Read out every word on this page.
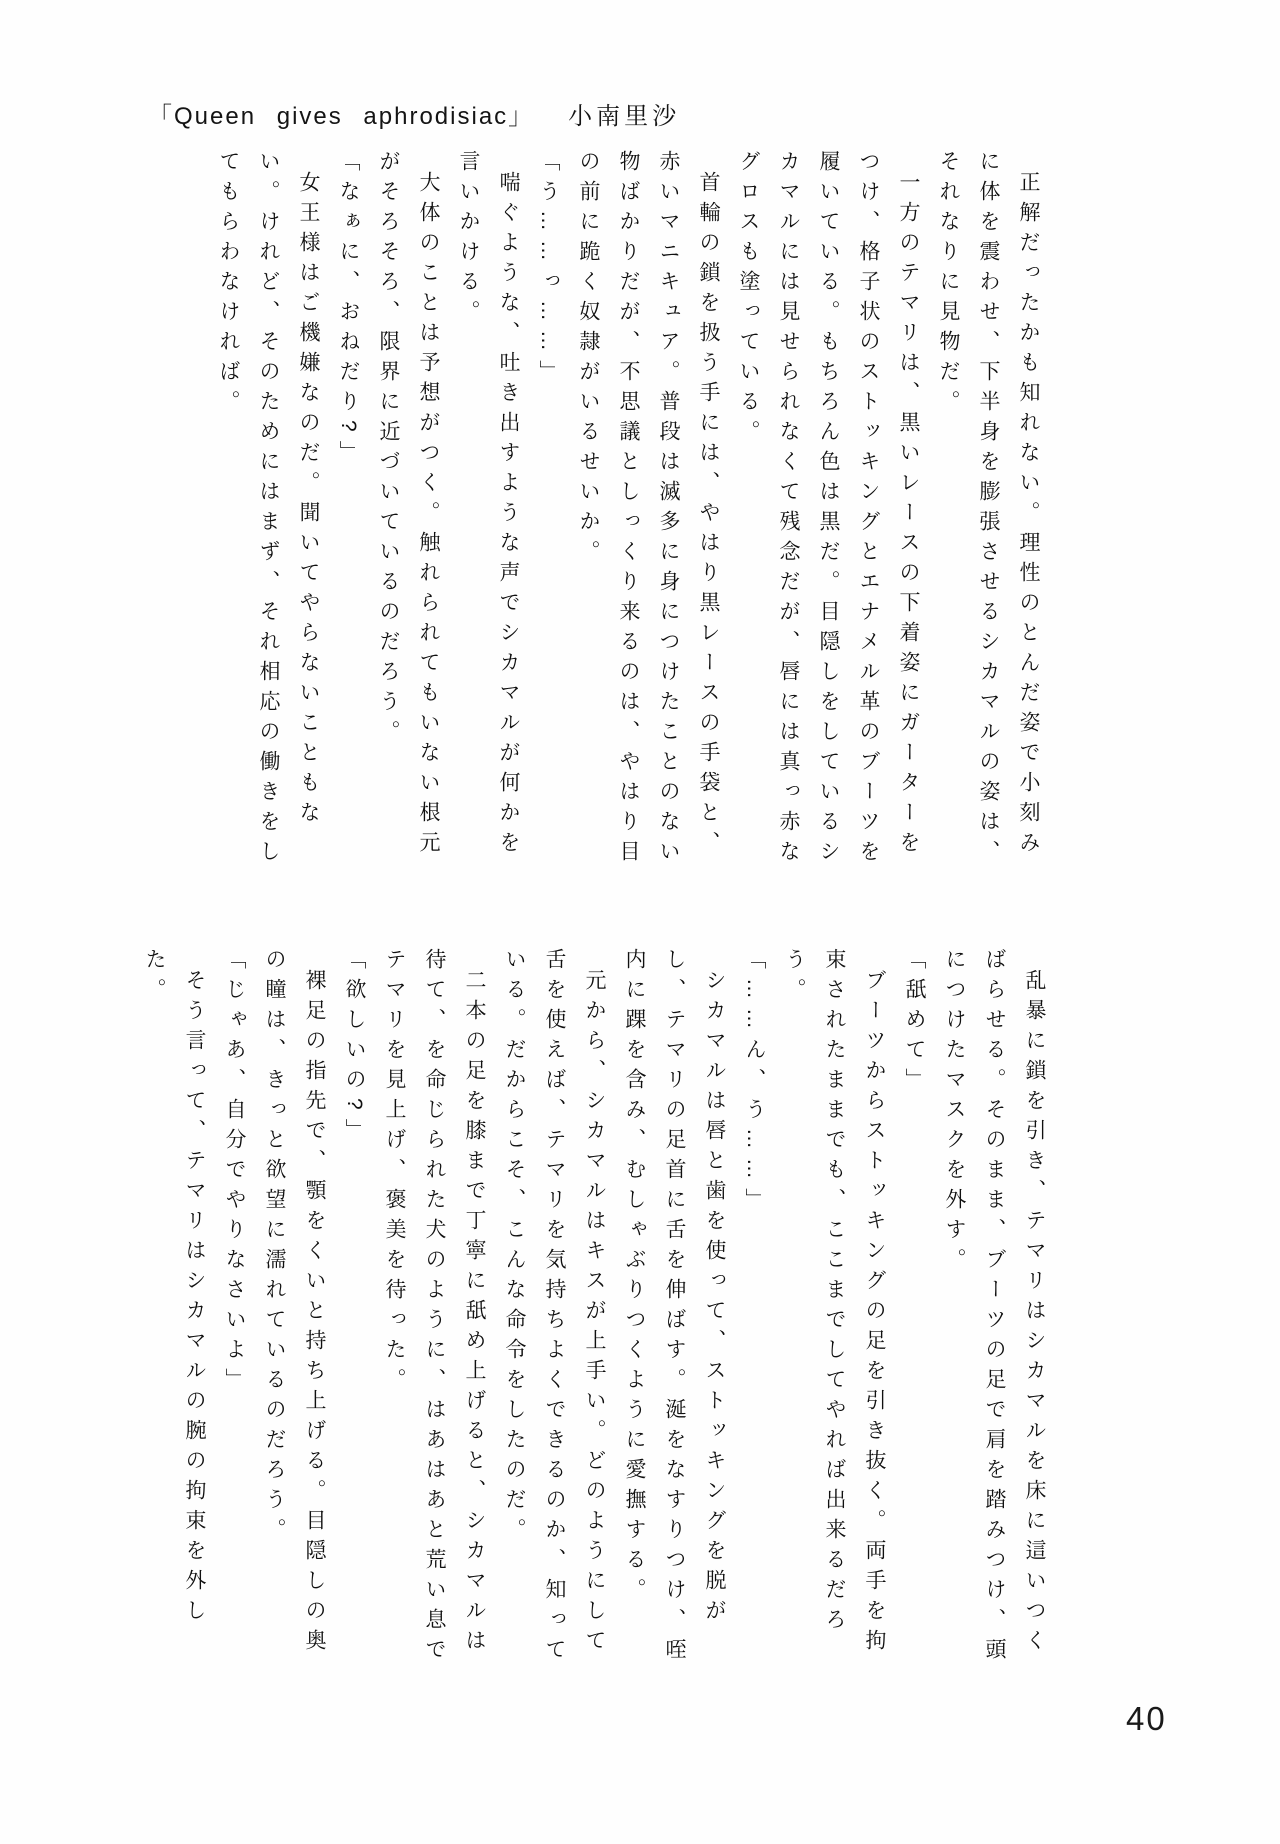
「Queen gives aphrodisiac」 小南里沙

正解だったかも知れない。理性のとんだ姿で小刻みに体を震わせ、下半身を膨張させるシカマルの姿は、それなりに見物だ。

一方のテマリは、黒いレースの下着姿にガーターをつけ、格子状のストッキングとエナメル革のブーツを履いている。もちろん色は黒だ。目隠しをしているシカマルには見せられなくて残念だが、唇には真っ赤なグロスも塗っている。

首輪の鎖を扱う手には、やはり黒レースの手袋と、赤いマニキュア。普段は滅多に身につけたことのない物ばかりだが、不思議としっくり来るのは、やはり目の前に跪く奴隷がいるせいか。

「う……っ……」

喘ぐような、吐き出すような声でシカマルが何かを言いかける。

大体のことは予想がつく。触れられてもいない根元がそろそろ、限界に近づいているのだろう。

「なぁに、おねだり?」

女王様はご機嫌なのだ。聞いてやらないこともない。けれど、そのためにはまず、それ相応の働きをしてもらわなければ。

乱暴に鎖を引き、テマリはシカマルを床に這いつくばらせる。そのまま、ブーツの足で肩を踏みつけ、頭につけたマスクを外す。

「舐めて」

ブーツからストッキングの足を引き抜く。両手を拘束されたままでも、ここまでしてやれば出来るだろう。

「……ん、う……」

シカマルは唇と歯を使って、ストッキングを脱がし、テマリの足首に舌を伸ばす。涎をなすりつけ、咥内に踝を含み、むしゃぶりつくように愛撫する。

元から、シカマルはキスが上手い。どのようにして舌を使えば、テマリを気持ちよくできるのか、知っている。だからこそ、こんな命令をしたのだ。

二本の足を膝まで丁寧に舐め上げると、シカマルは待て、を命じられた犬のように、はあはあと荒い息でテマリを見上げ、褒美を待った。

「欲しいの?」

裸足の指先で、顎をくいと持ち上げる。目隠しの奥の瞳は、きっと欲望に濡れているのだろう。

「じゃあ、自分でやりなさいよ」

そう言って、テマリはシカマルの腕の拘束を外した。

40
